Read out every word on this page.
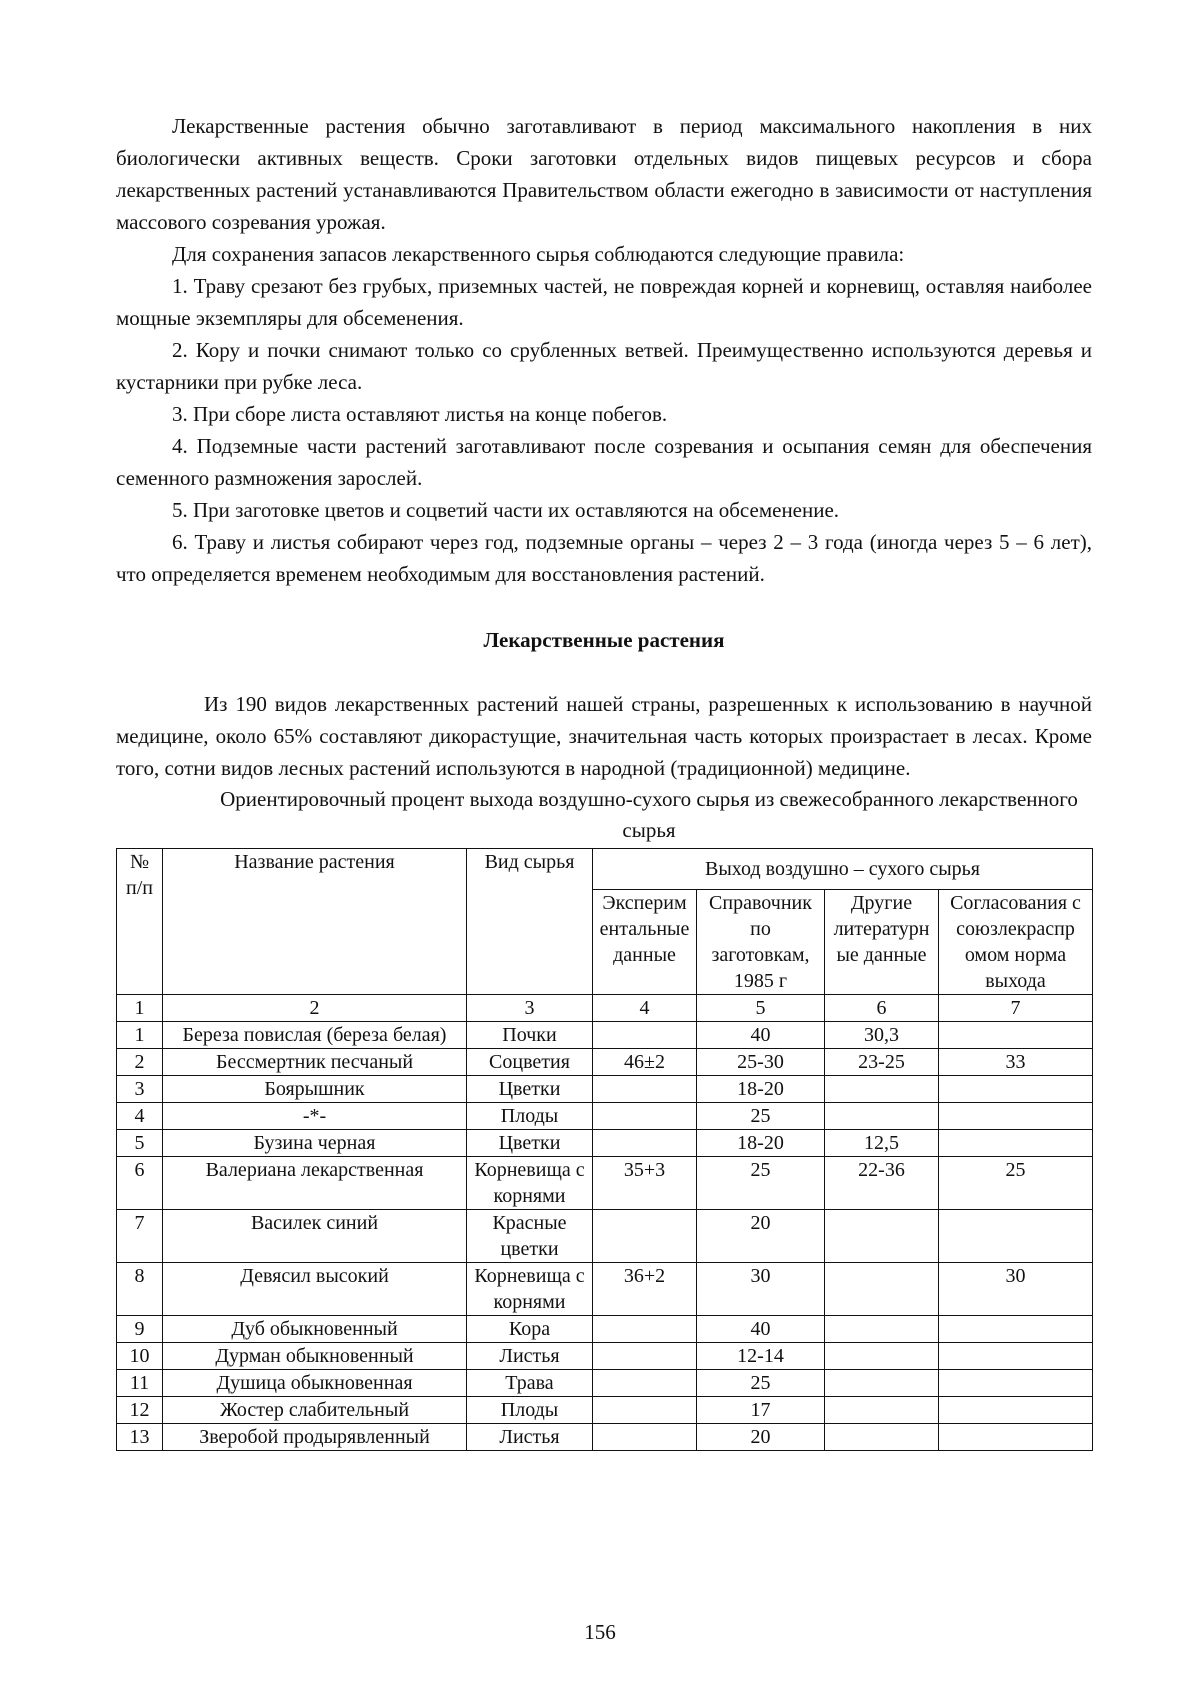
Лекарственные растения обычно заготавливают в период максимального накопления в них биологически активных веществ. Сроки заготовки отдельных видов пищевых ресурсов и сбора лекарственных растений устанавливаются Правительством области ежегодно в зависимости от наступления массового созревания урожая.

Для сохранения запасов лекарственного сырья соблюдаются следующие правила:

1. Траву срезают без грубых, приземных частей, не повреждая корней и корневищ, оставляя наиболее мощные экземпляры для обсеменения.

2. Кору и почки снимают только со срубленных ветвей. Преимущественно используются деревья и кустарники при рубке леса.

3. При сборе листа оставляют листья на конце побегов.

4. Подземные части растений заготавливают после созревания и осыпания семян для обеспечения семенного размножения зарослей.

5. При заготовке цветов и соцветий части их оставляются на обсеменение.

6. Траву и листья собирают через год, подземные органы – через 2 – 3 года (иногда через 5 – 6 лет), что определяется временем необходимым для восстановления растений.

Лекарственные растения

Из 190 видов лекарственных растений нашей страны, разрешенных к использованию в научной медицине, около 65% составляют дикорастущие, значительная часть которых произрастает в лесах. Кроме того, сотни видов лесных растений используются в народной (традиционной) медицине.

Ориентировочный процент выхода воздушно-сухого сырья из свежесобранного лекарственного сырья
№ п/п	Название растения	Вид сырья	Выход воздушно – сухого сырья			
			Эксперим ентальные данные	Справочник по заготовкам, 1985 г	Другие литературн ые данные	Согласования с союзлекраспр омом норма выхода
1	2	3	4	5	6	7
1	Береза повислая (береза белая)	Почки		40	30,3	
2	Бессмертник песчаный	Соцветия	46±2	25-30	23-25	33
3	Боярышник	Цветки		18-20		
4	-*-	Плоды		25		
5	Бузина черная	Цветки		18-20	12,5	
6	Валериана лекарственная	Корневища с корнями	35+3	25	22-36	25
7	Василек синий	Красные цветки		20		
8	Девясил высокий	Корневища с корнями	36+2	30		30
9	Дуб обыкновенный	Кора		40		
10	Дурман обыкновенный	Листья		12-14		
11	Душица обыкновенная	Трава		25		
12	Жостер слабительный	Плоды		17		
13	Зверобой продырявленный	Листья		20		
156
